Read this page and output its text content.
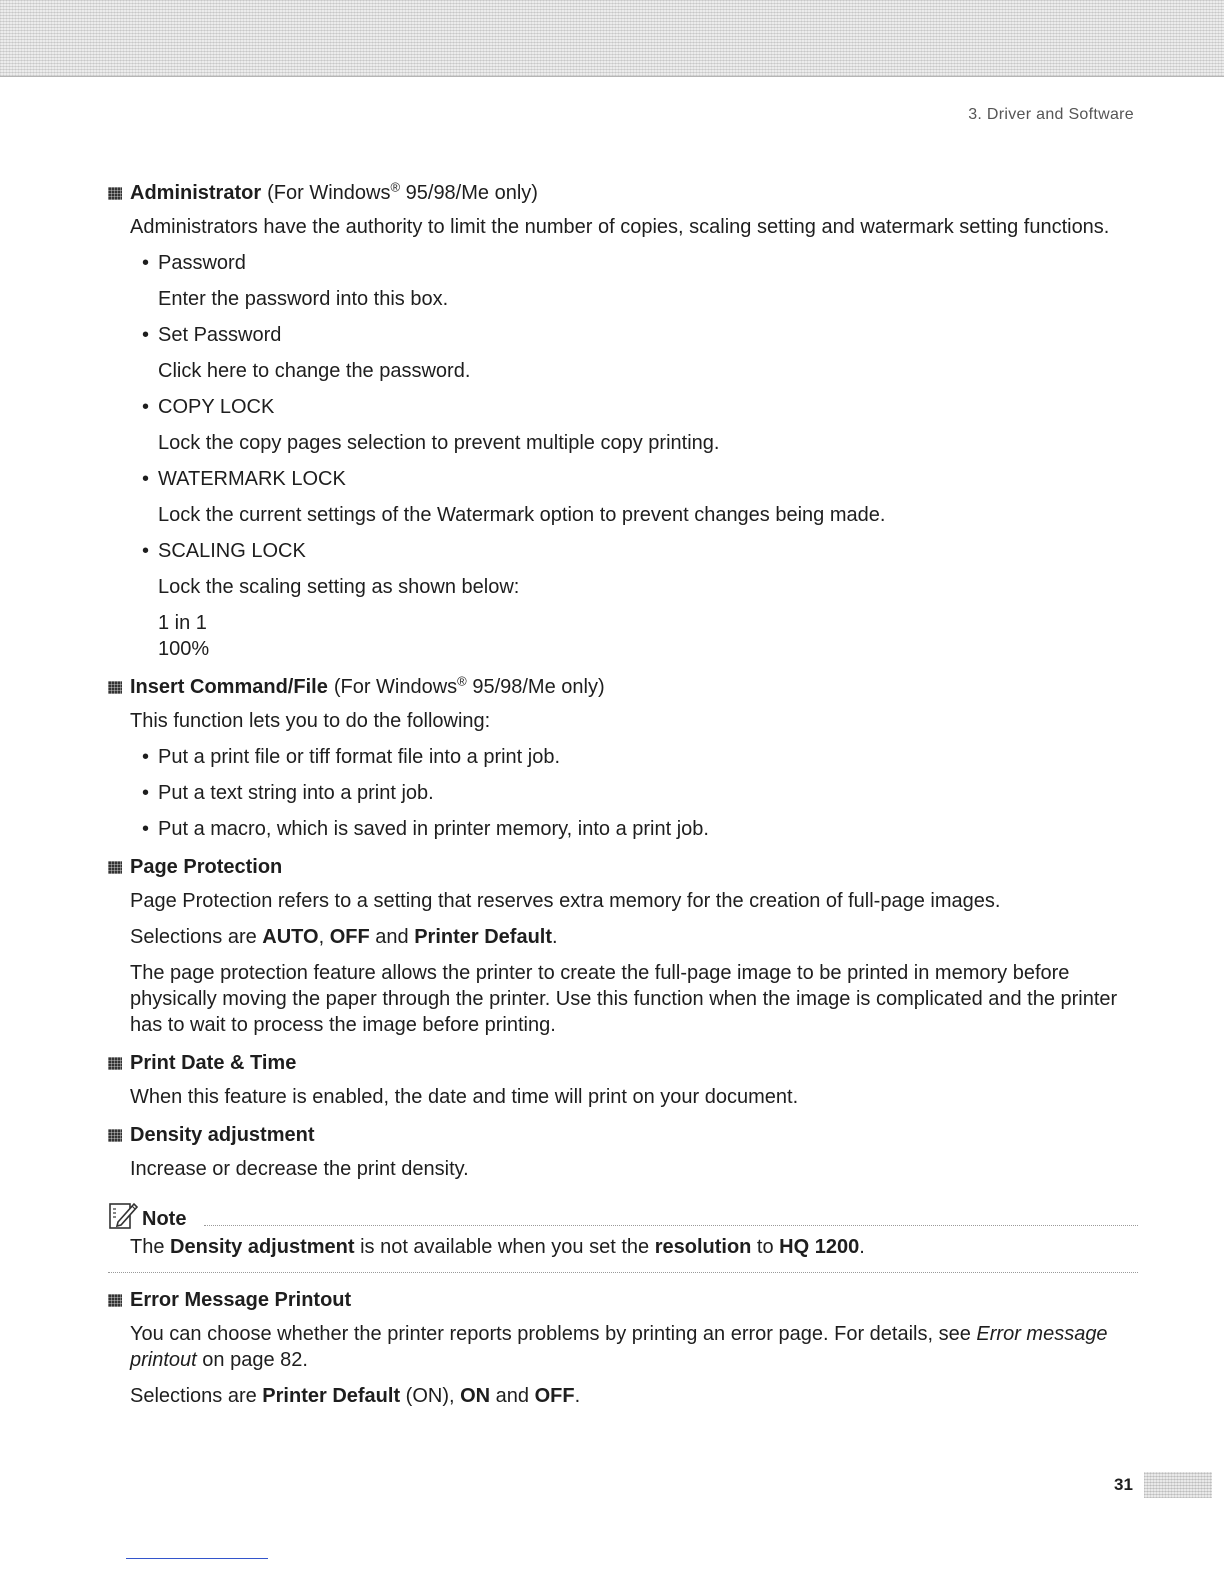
3. Driver and Software
Administrator (For Windows® 95/98/Me only)
Administrators have the authority to limit the number of copies, scaling setting and watermark setting functions.
• Password
Enter the password into this box.
• Set Password
Click here to change the password.
• COPY LOCK
Lock the copy pages selection to prevent multiple copy printing.
• WATERMARK LOCK
Lock the current settings of the Watermark option to prevent changes being made.
• SCALING LOCK
Lock the scaling setting as shown below:
1 in 1
100%
Insert Command/File (For Windows® 95/98/Me only)
This function lets you to do the following:
• Put a print file or tiff format file into a print job.
• Put a text string into a print job.
• Put a macro, which is saved in printer memory, into a print job.
Page Protection
Page Protection refers to a setting that reserves extra memory for the creation of full-page images.
Selections are AUTO, OFF and Printer Default.
The page protection feature allows the printer to create the full-page image to be printed in memory before physically moving the paper through the printer. Use this function when the image is complicated and the printer has to wait to process the image before printing.
Print Date & Time
When this feature is enabled, the date and time will print on your document.
Density adjustment
Increase or decrease the print density.
Note
The Density adjustment is not available when you set the resolution to HQ 1200.
Error Message Printout
You can choose whether the printer reports problems by printing an error page. For details, see Error message printout on page 82.
Selections are Printer Default (ON), ON and OFF.
31
